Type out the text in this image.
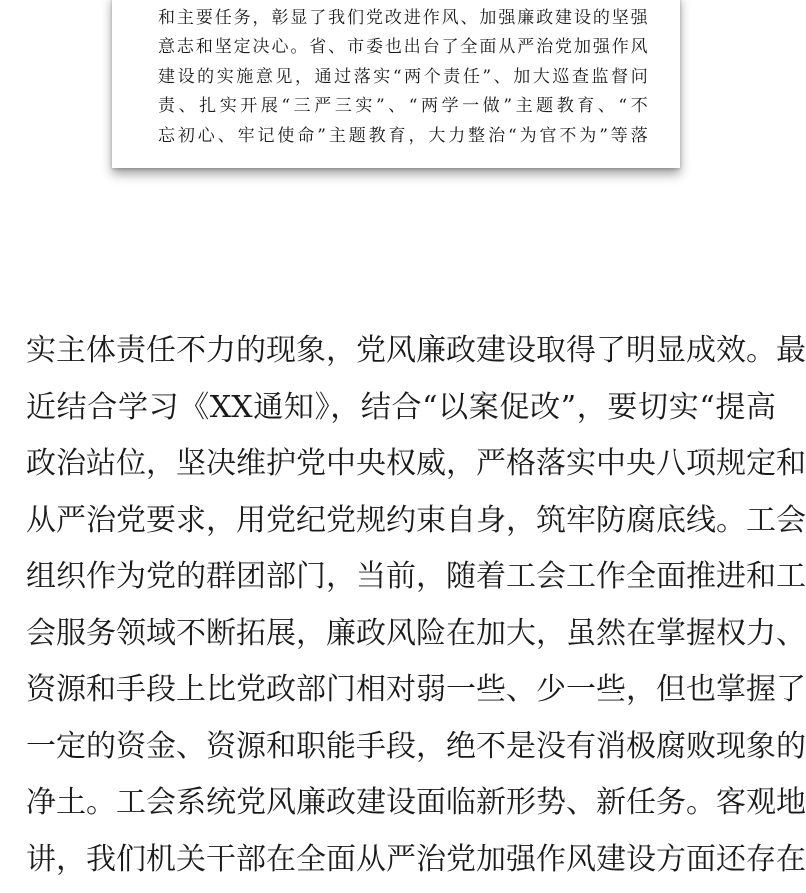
和主要任务，彰显了我们党改进作风、加强廉政建设的坚强
意志和坚定决心。省、市委也出台了全面从严治党加强作风
建设的实施意见，通过落实“两个责任”、加大巡查监督问
责、扎实开展“三严三实”、“两学一做”主题教育、“不
忘初心、牢记使命”主题教育，大力整治“为官不为”等落
实主体责任不力的现象，党风廉政建设取得了明显成效。最
近结合学习《XX通知》，结合“以案促改”，要切实“提高
政治站位，坚决维护党中央权威，严格落实中央八项规定和
从严治党要求，用党纪党规约束自身，筑牢防腐底线。工会
组织作为党的群团部门，当前，随着工会工作全面推进和工
会服务领域不断拓展，廉政风险在加大，虽然在掌握权力、
资源和手段上比党政部门相对弱一些、少一些，但也掌握了
一定的资金、资源和职能手段，绝不是没有消极腐败现象的
净土。工会系统党风廉政建设面临新形势、新任务。客观地
讲，我们机关干部在全面从严治党加强作风建设方面还存在
